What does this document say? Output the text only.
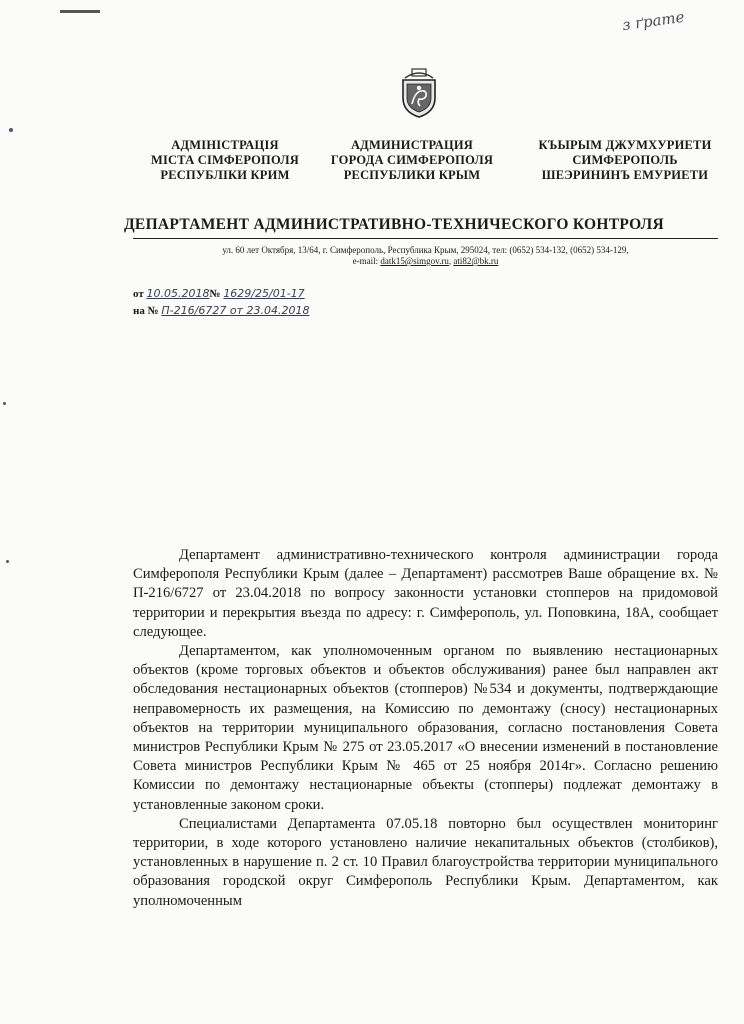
з ґрате
АДМІНІСТРАЦІЯ
МІСТА СІМФЕРОПОЛЯ
РЕСПУБЛІКИ КРИМ
АДМИНИСТРАЦИЯ
ГОРОДА СИМФЕРОПОЛЯ
РЕСПУБЛИКИ КРЫМ
КЪЫРЫМ ДЖУМХУРИЕТИ
СИМФЕРОПОЛЬ
ШЕЭРИНИНЪ ЕМУРИЕТИ
ДЕПАРТАМЕНТ АДМИНИСТРАТИВНО-ТЕХНИЧЕСКОГО КОНТРОЛЯ
ул. 60 лет Октября, 13/64, г. Симферополь, Республика Крым, 295024, тел: (0652) 534-132, (0652) 534-129,
e-mail: datk15@simgov.ru, ati82@bk.ru
от 10.05.2018№ 1629/25/01-17
на № П-216/6727 от 23.04.2018

Департамент административно-технического контроля администрации города Симферополя Республики Крым (далее – Департамент) рассмотрев Ваше обращение вх. № П-216/6727 от 23.04.2018 по вопросу законности установки стопперов на придомовой территории и перекрытия въезда по адресу: г. Симферополь, ул. Поповкина, 18А, сообщает следующее.

Департаментом, как уполномоченным органом по выявлению нестационарных объектов (кроме торговых объектов и объектов обслуживания) ранее был направлен акт обследования нестационарных объектов (стопперов) №534 и документы, подтверждающие неправомерность их размещения, на Комиссию по демонтажу (сносу) нестационарных объектов на территории муниципального образования, согласно постановления Совета министров Республики Крым № 275 от 23.05.2017 «О внесении изменений в постановление Совета министров Республики Крым № 465 от 25 ноября 2014г». Согласно решению Комиссии по демонтажу нестационарные объекты (стопперы) подлежат демонтажу в установленные законом сроки.

Специалистами Департамента 07.05.18 повторно был осуществлен мониторинг территории, в ходе которого установлено наличие некапитальных объектов (столбиков), установленных в нарушение п. 2 ст. 10 Правил благоустройства территории муниципального образования городской округ Симферополь Республики Крым. Департаментом, как уполномоченным
